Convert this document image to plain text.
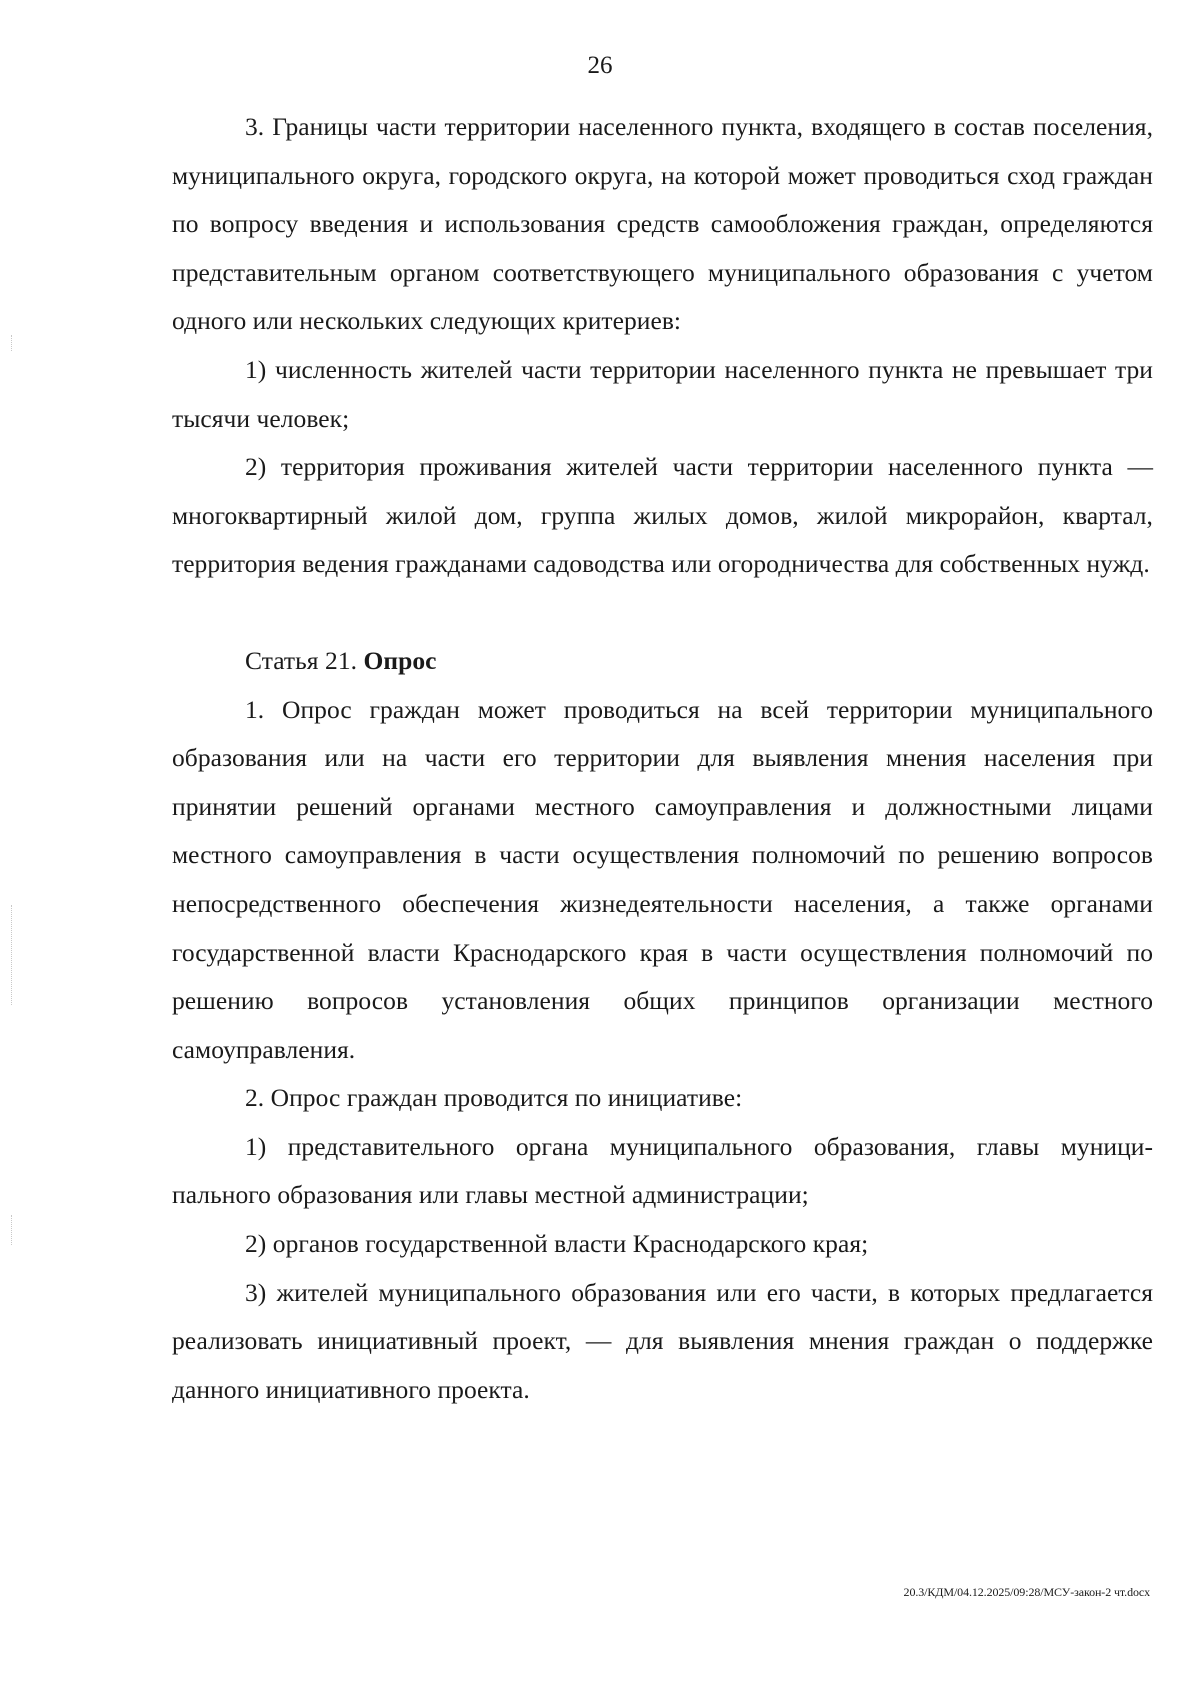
26

3. Границы части территории населенного пункта, входящего в состав поселения, муниципального округа, городского округа, на которой может проводиться сход граждан по вопросу введения и использования средств самообложения граждан, определяются представительным органом соответствующего муниципального образования с учетом одного или нескольких следующих критериев:

1) численность жителей части территории населенного пункта не превышает три тысячи человек;

2) территория проживания жителей части территории населенного пункта — многоквартирный жилой дом, группа жилых домов, жилой микрорайон, квартал, территория ведения гражданами садоводства или огородничества для собственных нужд.

Статья 21. Опрос

1. Опрос граждан может проводиться на всей территории муниципального образования или на части его территории для выявления мнения населения при принятии решений органами местного самоуправления и должностными лицами местного самоуправления в части осуществления полномочий по решению вопросов непосредственного обеспечения жизнедеятельности населения, а также органами государственной власти Краснодарского края в части осуществления полномочий по решению вопросов установления общих принципов организации местного самоуправления.

2. Опрос граждан проводится по инициативе:

1) представительного органа муниципального образования, главы муниципального образования или главы местной администрации;

2) органов государственной власти Краснодарского края;

3) жителей муниципального образования или его части, в которых предлагается реализовать инициативный проект, — для выявления мнения граждан о поддержке данного инициативного проекта.

20.3/КДМ/04.12.2025/09:28/МСУ-закон-2 чт.docx
